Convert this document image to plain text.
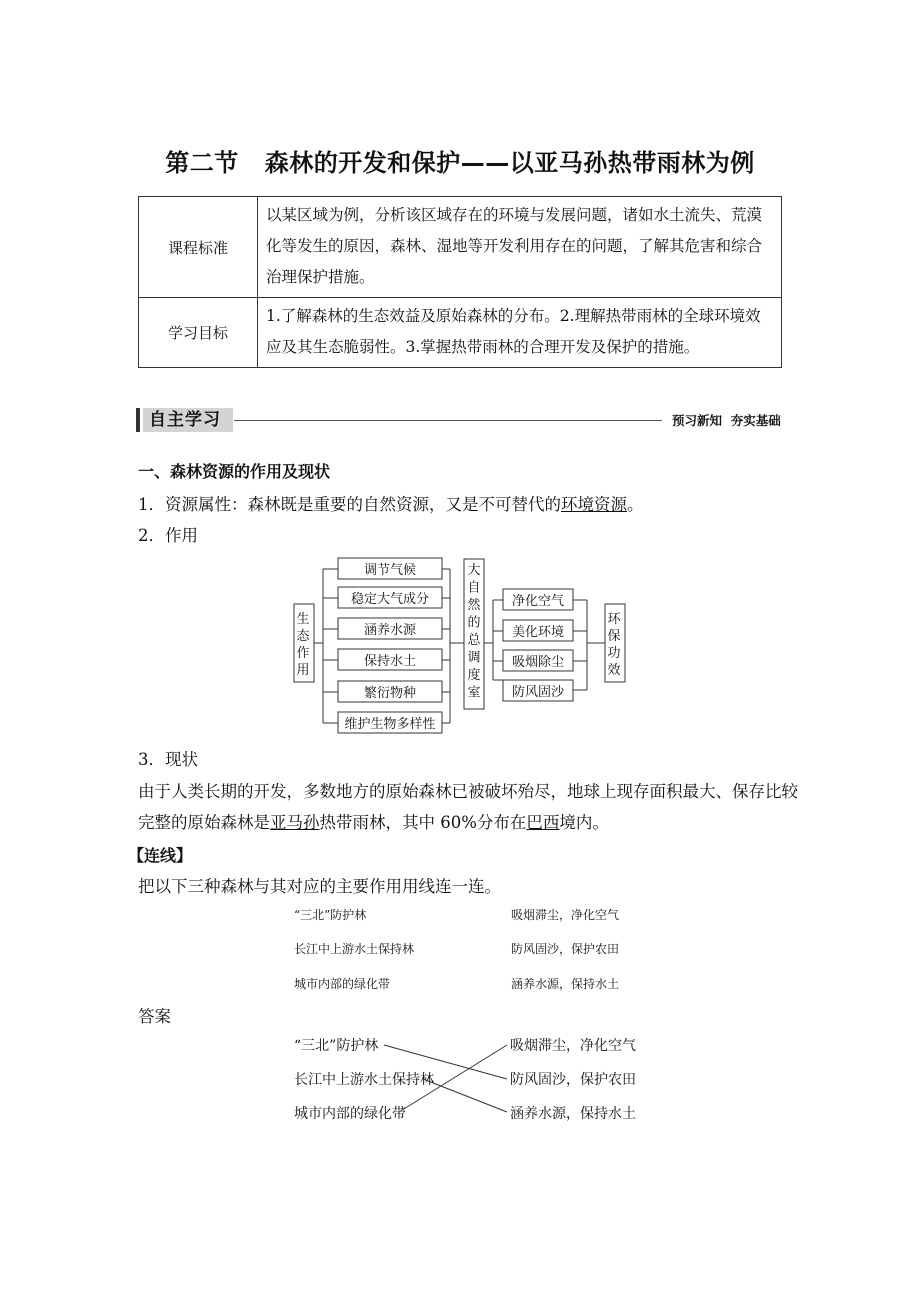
第二节 森林的开发和保护——以亚马孙热带雨林为例
课程标准	以某区域为例，分析该区域存在的环境与发展问题，诸如水土流失、荒漠化等发生的原因，森林、湿地等开发利用存在的问题，了解其危害和综合治理保护措施。
学习目标	1.了解森林的生态效益及原始森林的分布。2.理解热带雨林的全球环境效应及其生态脆弱性。3.掌握热带雨林的合理开发及保护的措施。
自主学习	预习新知  夯实基础
一、森林资源的作用及现状
1．资源属性：森林既是重要的自然资源，又是不可替代的环境资源。
2．作用
调节气候
稳定大气成分
涵养水源
保持水土
繁衍物种
维护生物多样性
净化空气
美化环境
吸烟除尘
防风固沙
生态作用
大自然的总调度室
环保功效
3．现状
由于人类长期的开发，多数地方的原始森林已被破坏殆尽，地球上现存面积最大、保存比较
完整的原始森林是亚马孙热带雨林，其中 60%分布在巴西境内。
【连线】
把以下三种森林与其对应的主要作用用线连一连。
“三北”防护林
长江中上游水土保持林
城市内部的绿化带
吸烟滞尘，净化空气
防风固沙，保护农田
涵养水源，保持水土
答案
“三北”防护林
长江中上游水土保持林
城市内部的绿化带
吸烟滞尘，净化空气
防风固沙，保护农田
涵养水源，保持水土
